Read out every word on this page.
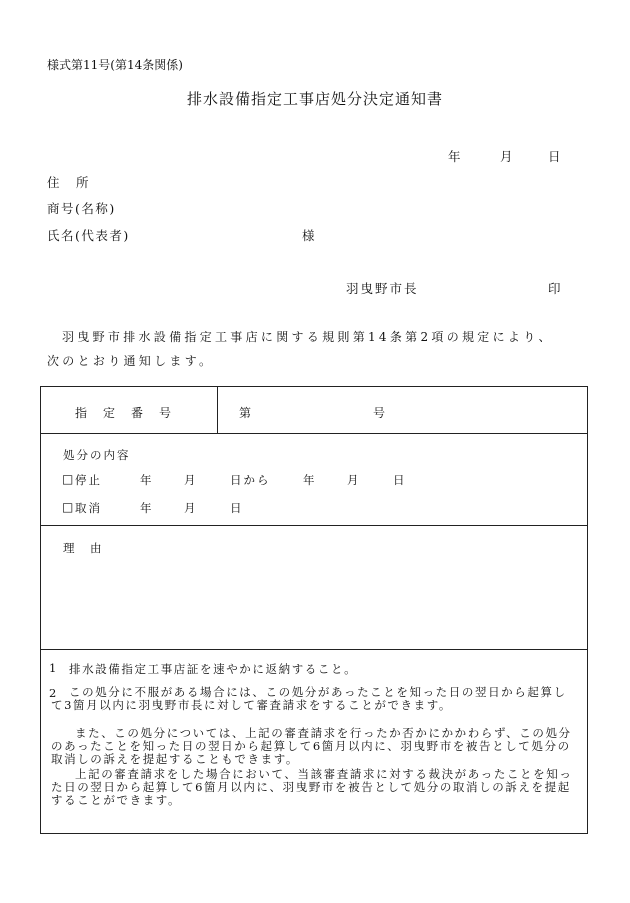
様式第11号(第14条関係)
排水設備指定工事店処分決定通知書
年	月	日
住　所
商号(名称)
氏名(代表者)	様
羽曳野市長	印
羽曳野市排水設備指定工事店に関する規則第14条第2項の規定により、
次のとおり通知します。
指　定　番　号	第	号
処分の内容
□ 停止	年	月	日から	年	月	日
□ 取消	年	月	日
理　由
1 排水設備指定工事店証を速やかに返納すること。
2	この処分に不服がある場合には、この処分があったことを知った日の翌日から起算して3箇月以内に羽曳野市長に対して審査請求をすることができます。
また、この処分については、上記の審査請求を行ったか否かにかかわらず、この処分のあったことを知った日の翌日から起算して6箇月以内に、羽曳野市を被告として処分の取消しの訴えを提起することもできます。
上記の審査請求をした場合において、当該審査請求に対する裁決があったことを知った日の翌日から起算して6箇月以内に、羽曳野市を被告として処分の取消しの訴えを提起することができます。
